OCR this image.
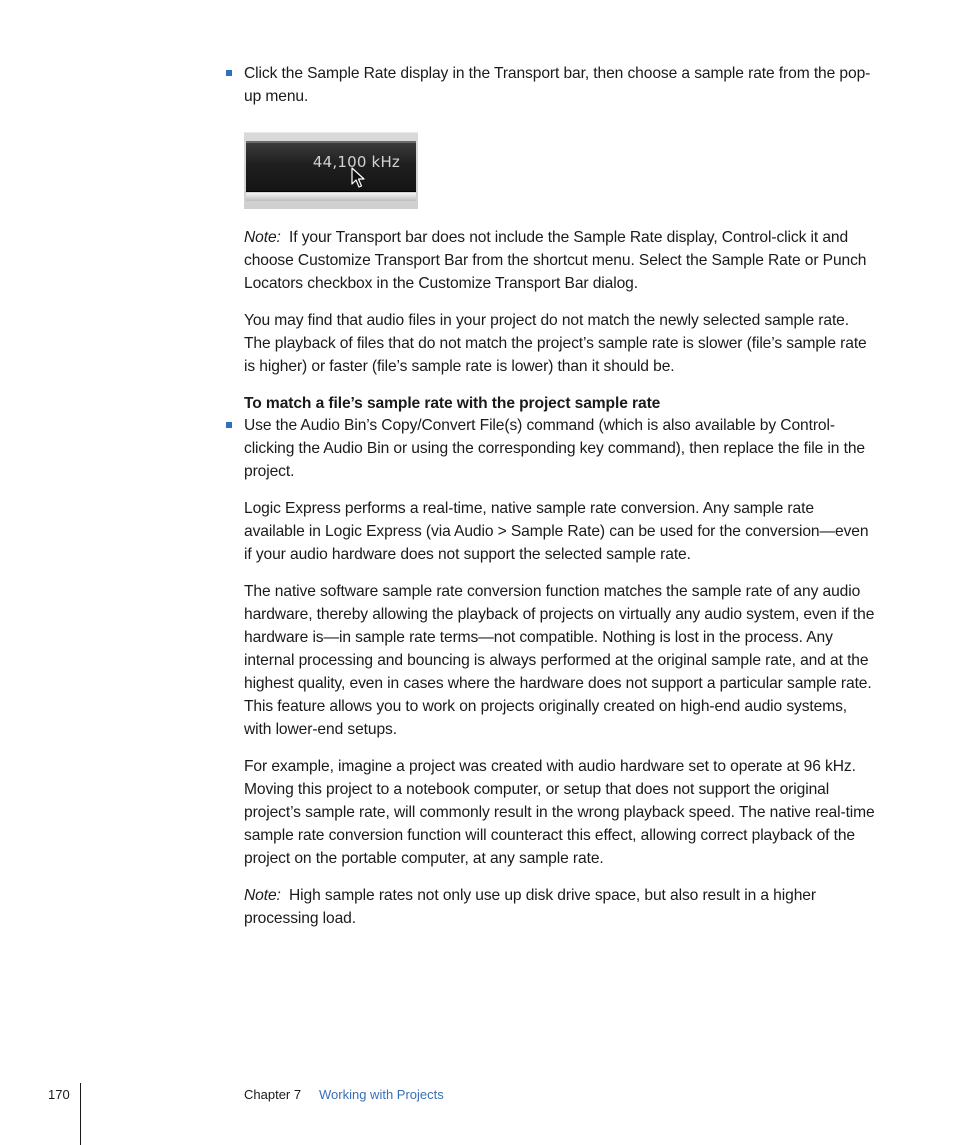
Click the Sample Rate display in the Transport bar, then choose a sample rate from the pop-up menu.

44,100 kHz

Note: If your Transport bar does not include the Sample Rate display, Control-click it and choose Customize Transport Bar from the shortcut menu. Select the Sample Rate or Punch Locators checkbox in the Customize Transport Bar dialog.

You may find that audio files in your project do not match the newly selected sample rate. The playback of files that do not match the project’s sample rate is slower (file’s sample rate is higher) or faster (file’s sample rate is lower) than it should be.

To match a file’s sample rate with the project sample rate

Use the Audio Bin’s Copy/Convert File(s) command (which is also available by Control-clicking the Audio Bin or using the corresponding key command), then replace the file in the project.

Logic Express performs a real-time, native sample rate conversion. Any sample rate available in Logic Express (via Audio > Sample Rate) can be used for the conversion—even if your audio hardware does not support the selected sample rate.

The native software sample rate conversion function matches the sample rate of any audio hardware, thereby allowing the playback of projects on virtually any audio system, even if the hardware is—in sample rate terms—not compatible. Nothing is lost in the process. Any internal processing and bouncing is always performed at the original sample rate, and at the highest quality, even in cases where the hardware does not support a particular sample rate. This feature allows you to work on projects originally created on high-end audio systems, with lower-end setups.

For example, imagine a project was created with audio hardware set to operate at 96 kHz. Moving this project to a notebook computer, or setup that does not support the original project’s sample rate, will commonly result in the wrong playback speed. The native real-time sample rate conversion function will counteract this effect, allowing correct playback of the project on the portable computer, at any sample rate.

Note: High sample rates not only use up disk drive space, but also result in a higher processing load.

170	Chapter 7 Working with Projects
